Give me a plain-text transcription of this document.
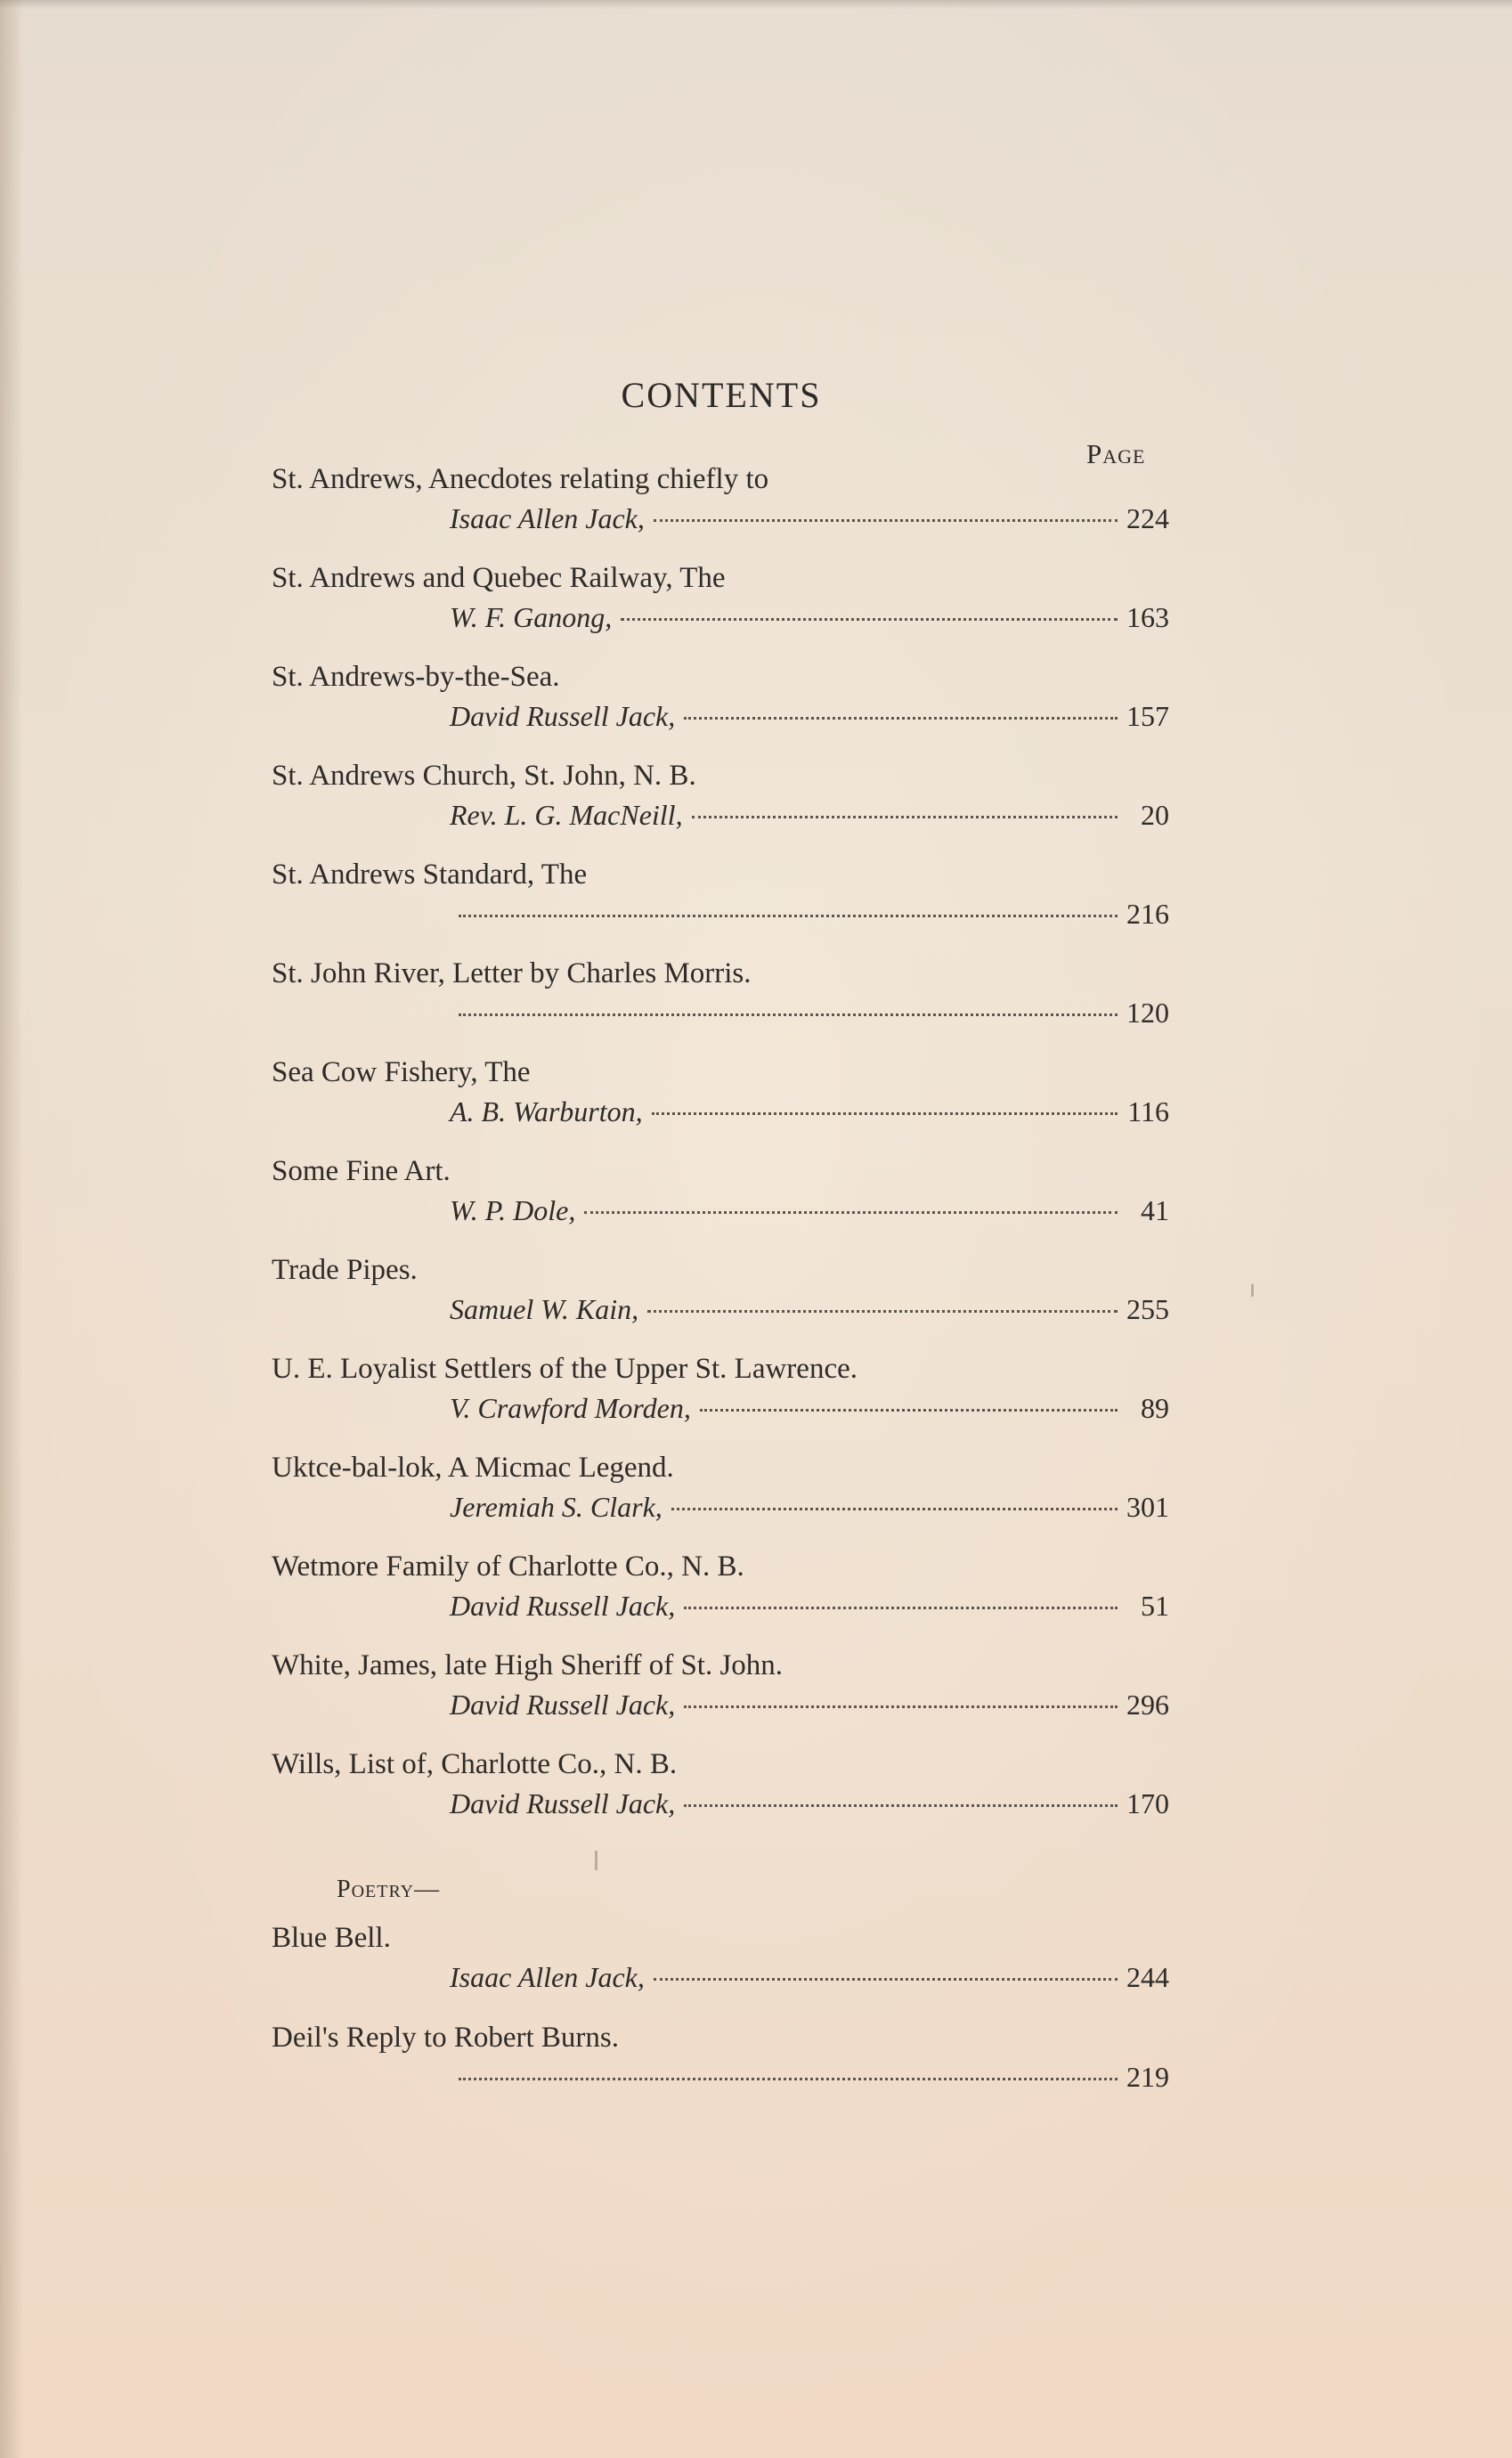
CONTENTS
Page
St. Andrews, Anecdotes relating chiefly to
Isaac Allen Jack,	224
St. Andrews and Quebec Railway, The
W. F. Ganong,	163
St. Andrews-by-the-Sea.
David Russell Jack,	157
St. Andrews Church, St. John, N. B.
Rev. L. G. MacNeill,	20
St. Andrews Standard, The
216
St. John River, Letter by Charles Morris.
120
Sea Cow Fishery, The
A. B. Warburton,	116
Some Fine Art.
W. P. Dole,	41
Trade Pipes.
Samuel W. Kain,	255
U. E. Loyalist Settlers of the Upper St. Lawrence.
V. Crawford Morden,	89
Uktce-bal-lok, A Micmac Legend.
Jeremiah S. Clark,	301
Wetmore Family of Charlotte Co., N. B.
David Russell Jack,	51
White, James, late High Sheriff of St. John.
David Russell Jack,	296
Wills, List of, Charlotte Co., N. B.
David Russell Jack,	170
Poetry—
Blue Bell.
Isaac Allen Jack,	244
Deil's Reply to Robert Burns.
219
